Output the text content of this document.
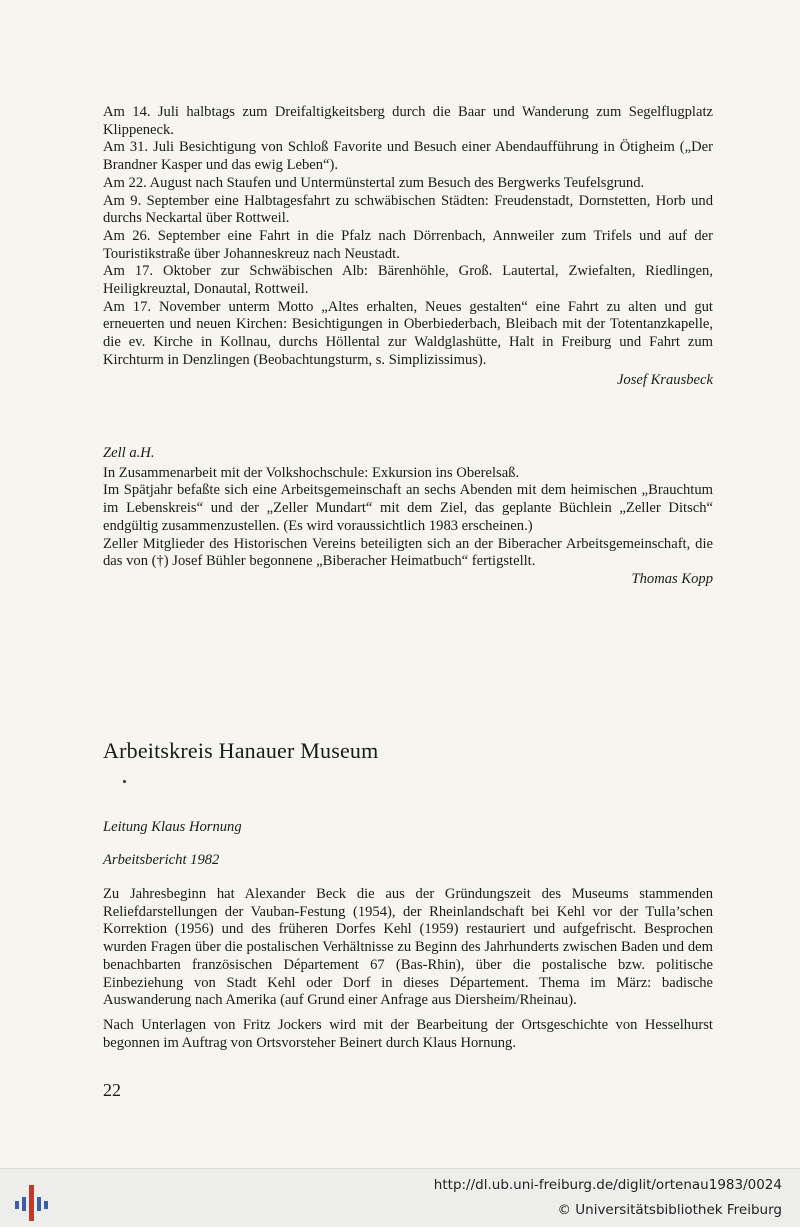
Am 14. Juli halbtags zum Dreifaltigkeitsberg durch die Baar und Wanderung zum Segelflugplatz Klippeneck.

Am 31. Juli Besichtigung von Schloß Favorite und Besuch einer Abendaufführung in Ötigheim („Der Brandner Kasper und das ewig Leben“).

Am 22. August nach Staufen und Untermünstertal zum Besuch des Bergwerks Teufelsgrund.

Am 9. September eine Halbtagesfahrt zu schwäbischen Städten: Freudenstadt, Dornstetten, Horb und durchs Neckartal über Rottweil.

Am 26. September eine Fahrt in die Pfalz nach Dörrenbach, Annweiler zum Trifels und auf der Touristikstraße über Johanneskreuz nach Neustadt.

Am 17. Oktober zur Schwäbischen Alb: Bärenhöhle, Groß. Lautertal, Zwiefalten, Riedlingen, Heiligkreuztal, Donautal, Rottweil.

Am 17. November unterm Motto „Altes erhalten, Neues gestalten“ eine Fahrt zu alten und gut erneuerten und neuen Kirchen: Besichtigungen in Oberbiederbach, Bleibach mit der Totentanzkapelle, die ev. Kirche in Kollnau, durchs Höllental zur Waldglashütte, Halt in Freiburg und Fahrt zum Kirchturm in Denzlingen (Beobachtungsturm, s. Simplizissimus).

Josef Krausbeck

Zell a.H.

In Zusammenarbeit mit der Volkshochschule: Exkursion ins Oberelsaß.

Im Spätjahr befaßte sich eine Arbeitsgemeinschaft an sechs Abenden mit dem heimischen „Brauchtum im Lebenskreis“ und der „Zeller Mundart“ mit dem Ziel, das geplante Büchlein „Zeller Ditsch“ endgültig zusammenzustellen. (Es wird voraussichtlich 1983 erscheinen.)

Zeller Mitglieder des Historischen Vereins beteiligten sich an der Biberacher Arbeitsgemeinschaft, die das von (†) Josef Bühler begonnene „Biberacher Heimatbuch“ fertigstellt.

Thomas Kopp

Arbeitskreis Hanauer Museum
Leitung Klaus Hornung
Arbeitsbericht 1982

Zu Jahresbeginn hat Alexander Beck die aus der Gründungszeit des Museums stammenden Reliefdarstellungen der Vauban-Festung (1954), der Rheinlandschaft bei Kehl vor der Tulla’schen Korrektion (1956) und des früheren Dorfes Kehl (1959) restauriert und aufgefrischt. Besprochen wurden Fragen über die postalischen Verhältnisse zu Beginn des Jahrhunderts zwischen Baden und dem benachbarten französischen Département 67 (Bas-Rhin), über die postalische bzw. politische Einbeziehung von Stadt Kehl oder Dorf in dieses Département. Thema im März: badische Auswanderung nach Amerika (auf Grund einer Anfrage aus Diersheim/Rheinau).

Nach Unterlagen von Fritz Jockers wird mit der Bearbeitung der Ortsgeschichte von Hesselhurst begonnen im Auftrag von Ortsvorsteher Beinert durch Klaus Hornung.

22
http://dl.ub.uni-freiburg.de/diglit/ortenau1983/0024
© Universitätsbibliothek Freiburg
